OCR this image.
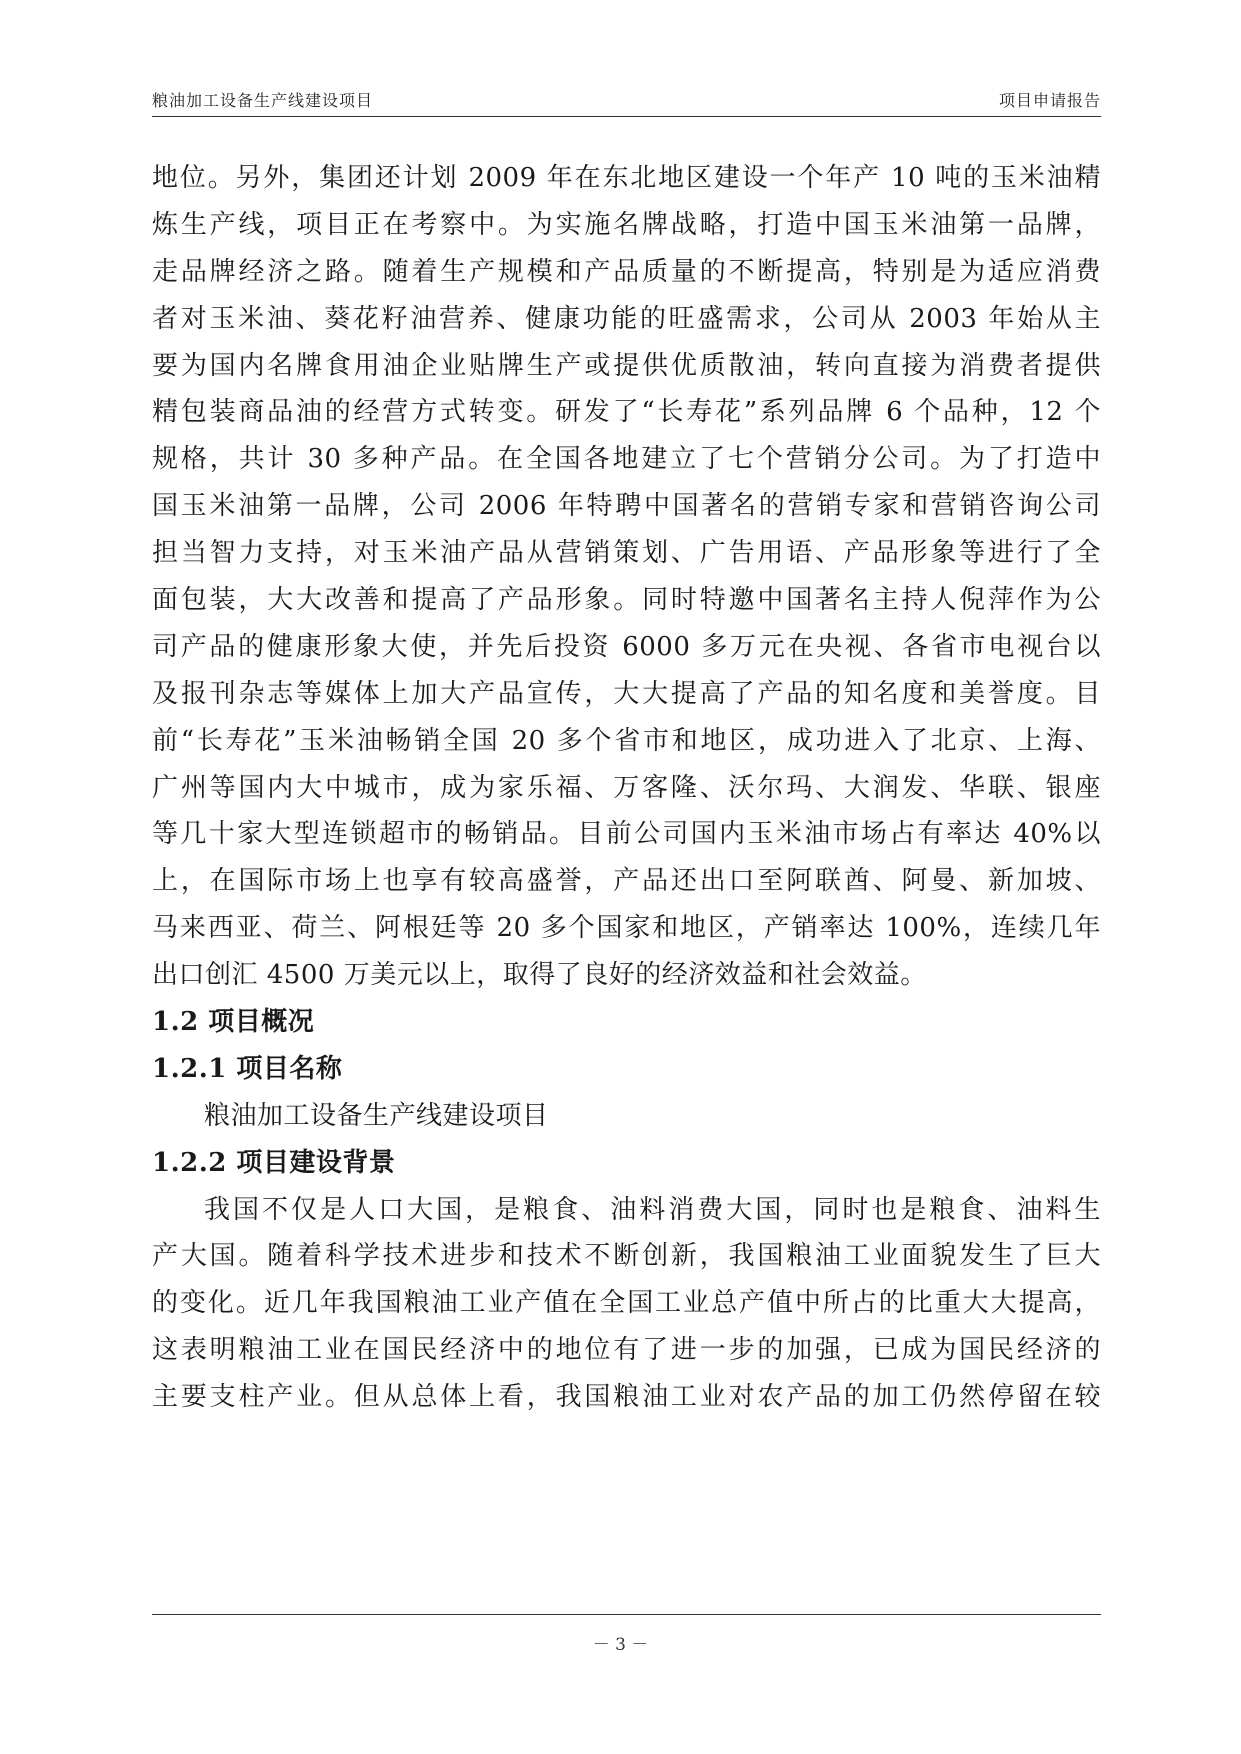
粮油加工设备生产线建设项目	项目申请报告
地位。另外，集团还计划 2009 年在东北地区建设一个年产 10 吨的玉米油精
炼生产线，项目正在考察中。为实施名牌战略，打造中国玉米油第一品牌，
走品牌经济之路。随着生产规模和产品质量的不断提高，特别是为适应消费
者对玉米油、葵花籽油营养、健康功能的旺盛需求，公司从 2003 年始从主
要为国内名牌食用油企业贴牌生产或提供优质散油，转向直接为消费者提供
精包装商品油的经营方式转变。研发了“长寿花”系列品牌 6 个品种，12 个
规格，共计 30 多种产品。在全国各地建立了七个营销分公司。为了打造中
国玉米油第一品牌，公司 2006 年特聘中国著名的营销专家和营销咨询公司
担当智力支持，对玉米油产品从营销策划、广告用语、产品形象等进行了全
面包装，大大改善和提高了产品形象。同时特邀中国著名主持人倪萍作为公
司产品的健康形象大使，并先后投资 6000 多万元在央视、各省市电视台以
及报刊杂志等媒体上加大产品宣传，大大提高了产品的知名度和美誉度。目
前“长寿花”玉米油畅销全国 20 多个省市和地区，成功进入了北京、上海、
广州等国内大中城市，成为家乐福、万客隆、沃尔玛、大润发、华联、银座
等几十家大型连锁超市的畅销品。目前公司国内玉米油市场占有率达 40%以
上，在国际市场上也享有较高盛誉，产品还出口至阿联酋、阿曼、新加坡、
马来西亚、荷兰、阿根廷等 20 多个国家和地区，产销率达 100%，连续几年
出口创汇 4500 万美元以上，取得了良好的经济效益和社会效益。
1.2 项目概况
1.2.1 项目名称
粮油加工设备生产线建设项目
1.2.2 项目建设背景
我国不仅是人口大国，是粮食、油料消费大国，同时也是粮食、油料生
产大国。随着科学技术进步和技术不断创新，我国粮油工业面貌发生了巨大
的变化。近几年我国粮油工业产值在全国工业总产值中所占的比重大大提高，
这表明粮油工业在国民经济中的地位有了进一步的加强，已成为国民经济的
主要支柱产业。但从总体上看，我国粮油工业对农产品的加工仍然停留在较
－ 3 －
